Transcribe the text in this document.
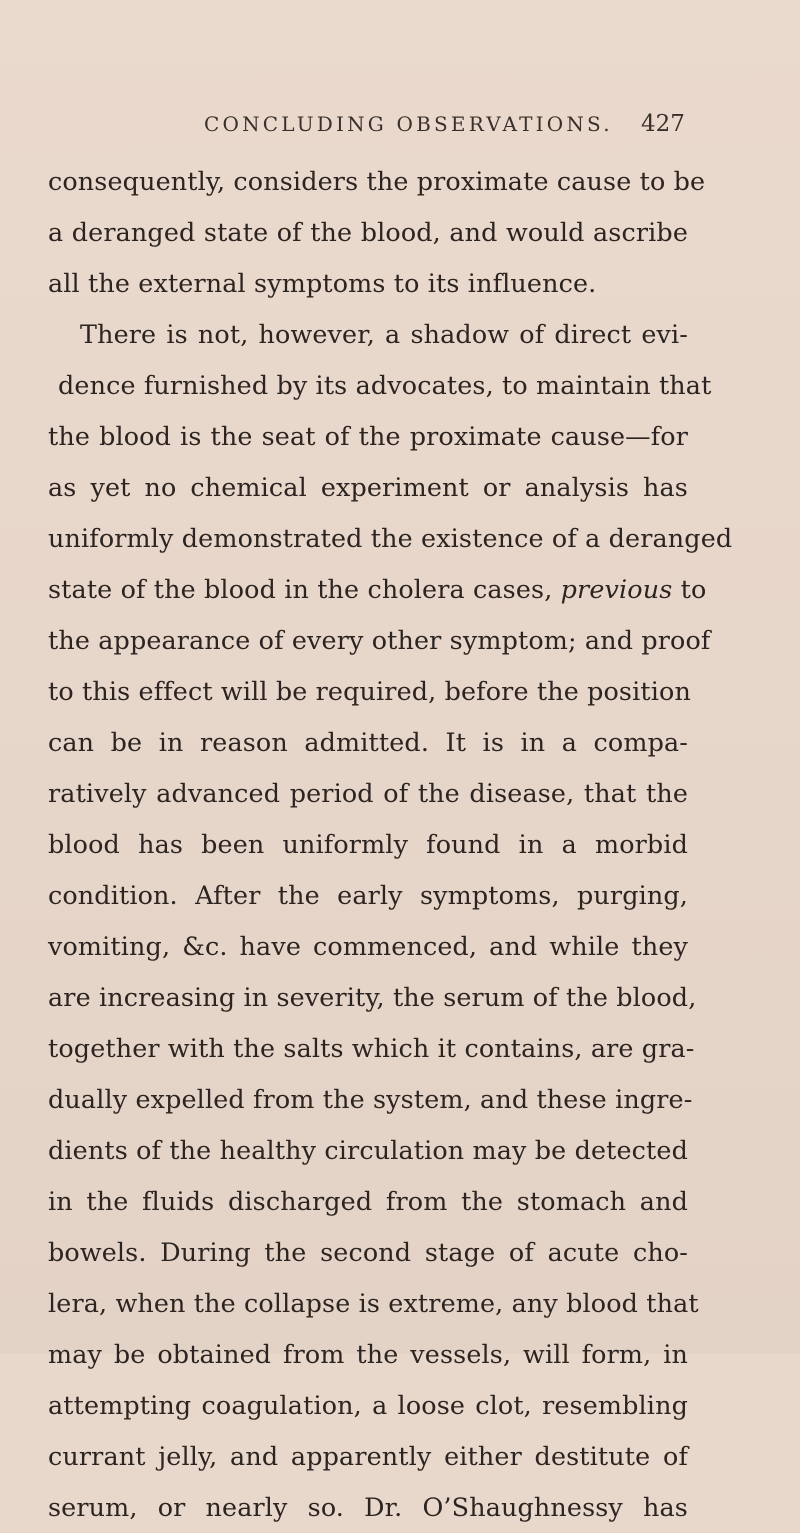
CONCLUDING OBSERVATIONS. 427
consequently, considers the proximate cause to be
a deranged state of the blood, and would ascribe
all the external symptoms to its influence.
There is not, however, a shadow of direct evi-
dence furnished by its advocates, to maintain that
the blood is the seat of the proximate cause—for
as yet no chemical experiment or analysis has
uniformly demonstrated the existence of a deranged
state of the blood in the cholera cases, previous to
the appearance of every other symptom; and proof
to this effect will be required, before the position
can be in reason admitted. It is in a compa-
ratively advanced period of the disease, that the
blood has been uniformly found in a morbid
condition. After the early symptoms, purging,
vomiting, &c. have commenced, and while they
are increasing in severity, the serum of the blood,
together with the salts which it contains, are gra-
dually expelled from the system, and these ingre-
dients of the healthy circulation may be detected
in the fluids discharged from the stomach and
bowels. During the second stage of acute cho-
lera, when the collapse is extreme, any blood that
may be obtained from the vessels, will form, in
attempting coagulation, a loose clot, resembling
currant jelly, and apparently either destitute of
serum, or nearly so. Dr. O’Shaughnessy has
